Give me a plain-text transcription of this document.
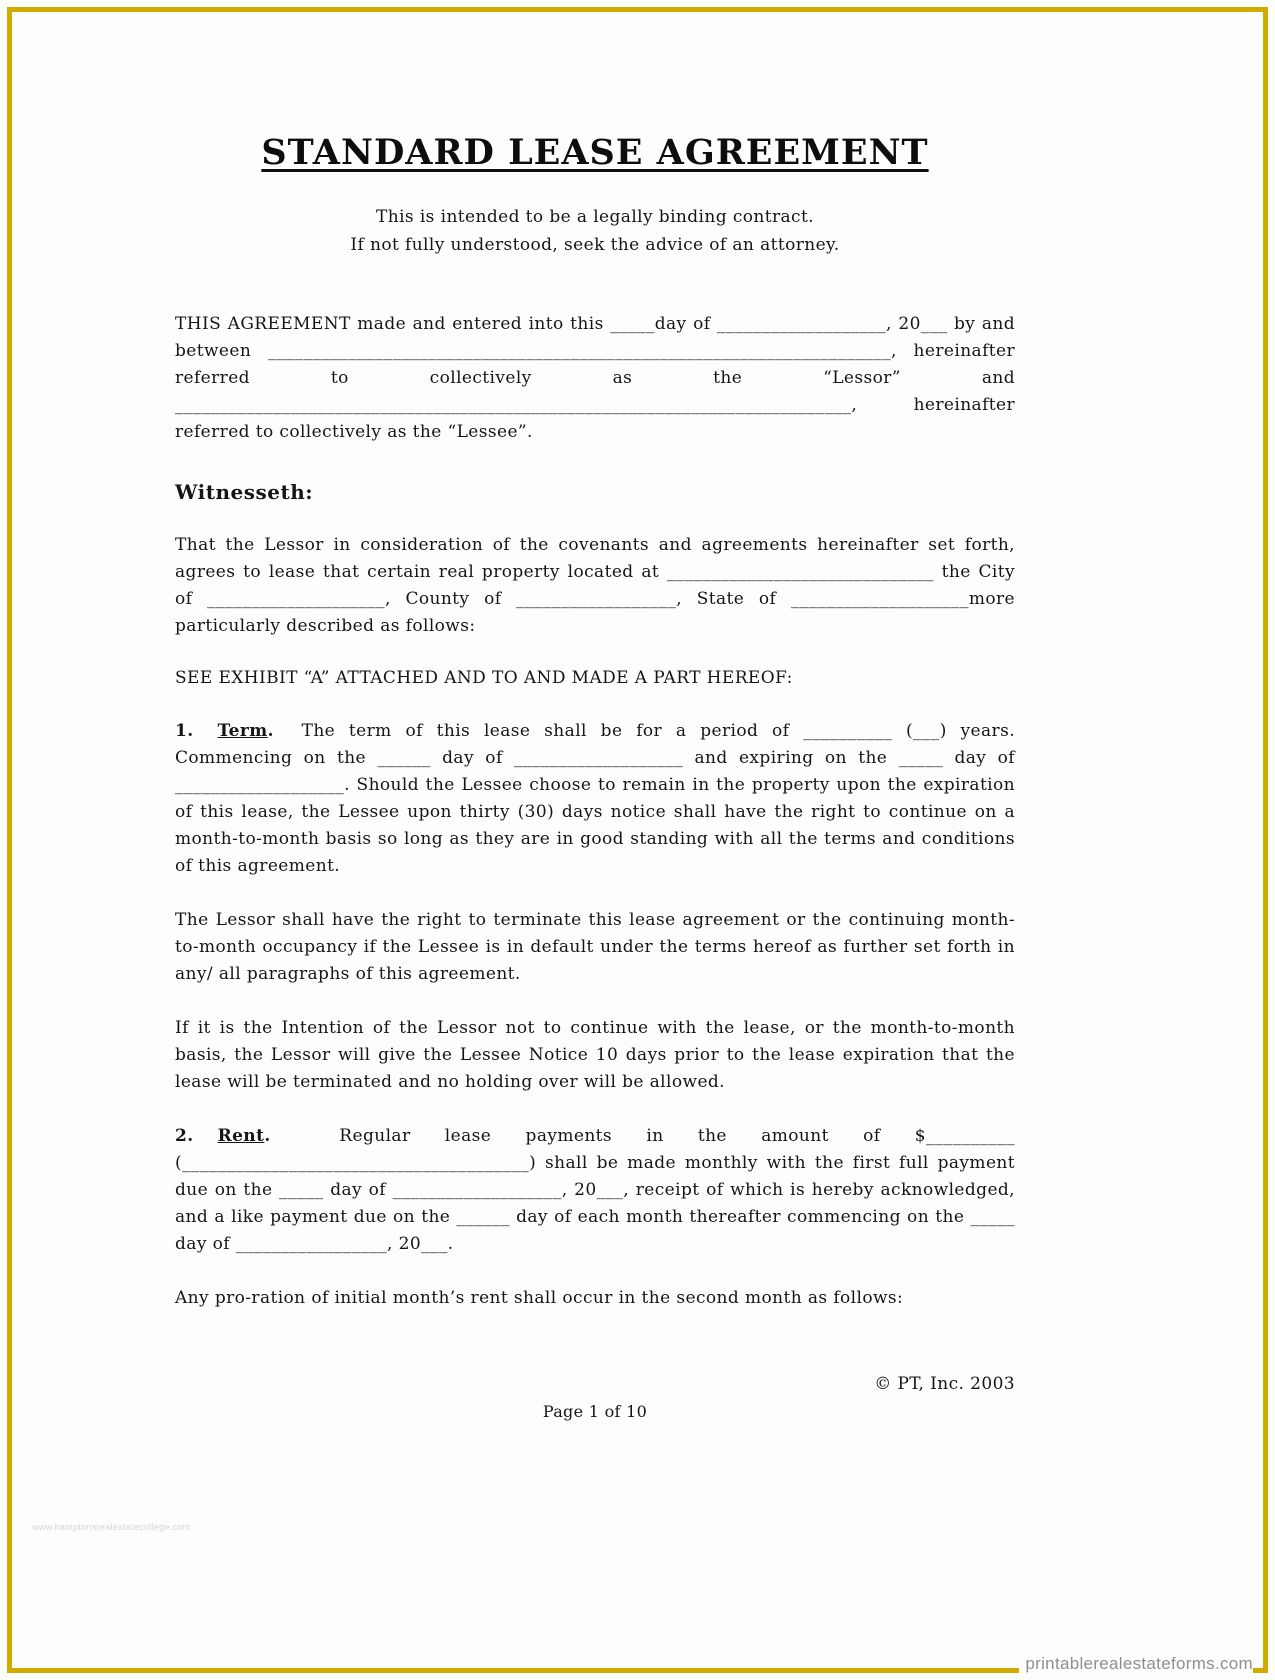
STANDARD LEASE AGREEMENT

This is intended to be a legally binding contract.
If not fully understood, seek the advice of an attorney.

THIS AGREEMENT made and entered into this _____day of ___________________, 20___ by and between ______________________________________________________________________, hereinafter referred to collectively as the “Lessor” and ____________________________________________________________________________, hereinafter referred to collectively as the “Lessee”.

Witnesseth:

That the Lessor in consideration of the covenants and agreements hereinafter set forth, agrees to lease that certain real property located at ______________________________ the City of ____________________, County of __________________, State of ____________________more particularly described as follows:

SEE EXHIBIT “A” ATTACHED AND TO AND MADE A PART HEREOF:

1. Term. The term of this lease shall be for a period of __________ (___) years. Commencing on the ______ day of ___________________ and expiring on the _____ day of ___________________. Should the Lessee choose to remain in the property upon the expiration of this lease, the Lessee upon thirty (30) days notice shall have the right to continue on a month-to-month basis so long as they are in good standing with all the terms and conditions of this agreement.

The Lessor shall have the right to terminate this lease agreement or the continuing month-to-month occupancy if the Lessee is in default under the terms hereof as further set forth in any/ all paragraphs of this agreement.

If it is the Intention of the Lessor not to continue with the lease, or the month-to-month basis, the Lessor will give the Lessee Notice 10 days prior to the lease expiration that the lease will be terminated and no holding over will be allowed.

2. Rent.	Regular lease payments in the amount of $__________ (_______________________________________) shall be made monthly with the first full payment due on the _____ day of ___________________, 20___, receipt of which is hereby acknowledged, and a like payment due on the ______ day of each month thereafter commencing on the _____ day of _________________, 20___.

Any pro-ration of initial month’s rent shall occur in the second month as follows:

© PT, Inc. 2003
Page 1 of 10
www.hamptonsrealestatecollege.com
printablerealestateforms.com
